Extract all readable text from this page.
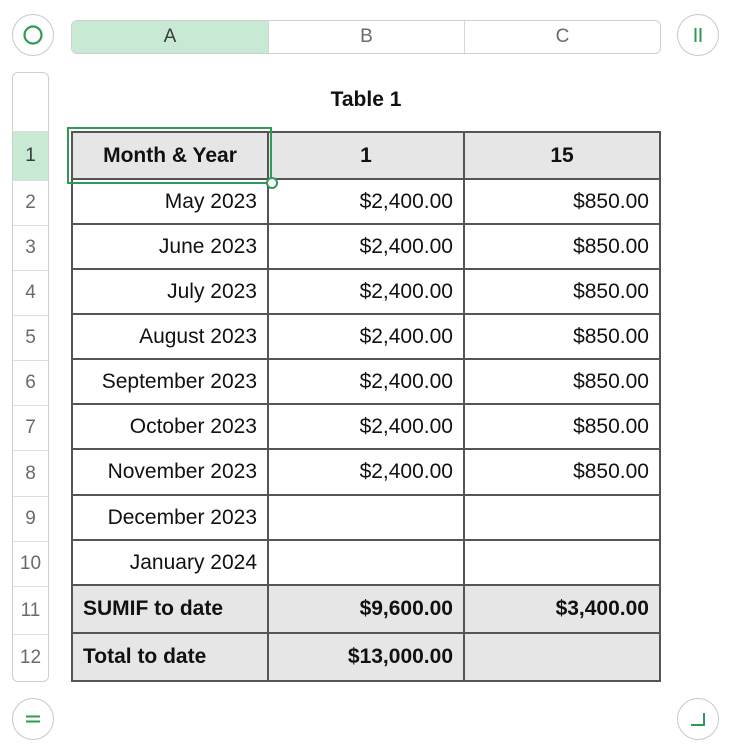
A	B	C
1
2
3
4
5
6
7
8
9
10
11
12
Table 1
Month & Year	1	15
May 2023	$2,400.00	$850.00
June 2023	$2,400.00	$850.00
July 2023	$2,400.00	$850.00
August 2023	$2,400.00	$850.00
September 2023	$2,400.00	$850.00
October 2023	$2,400.00	$850.00
November 2023	$2,400.00	$850.00
December 2023
January 2024
SUMIF to date	$9,600.00	$3,400.00
Total to date	$13,000.00
